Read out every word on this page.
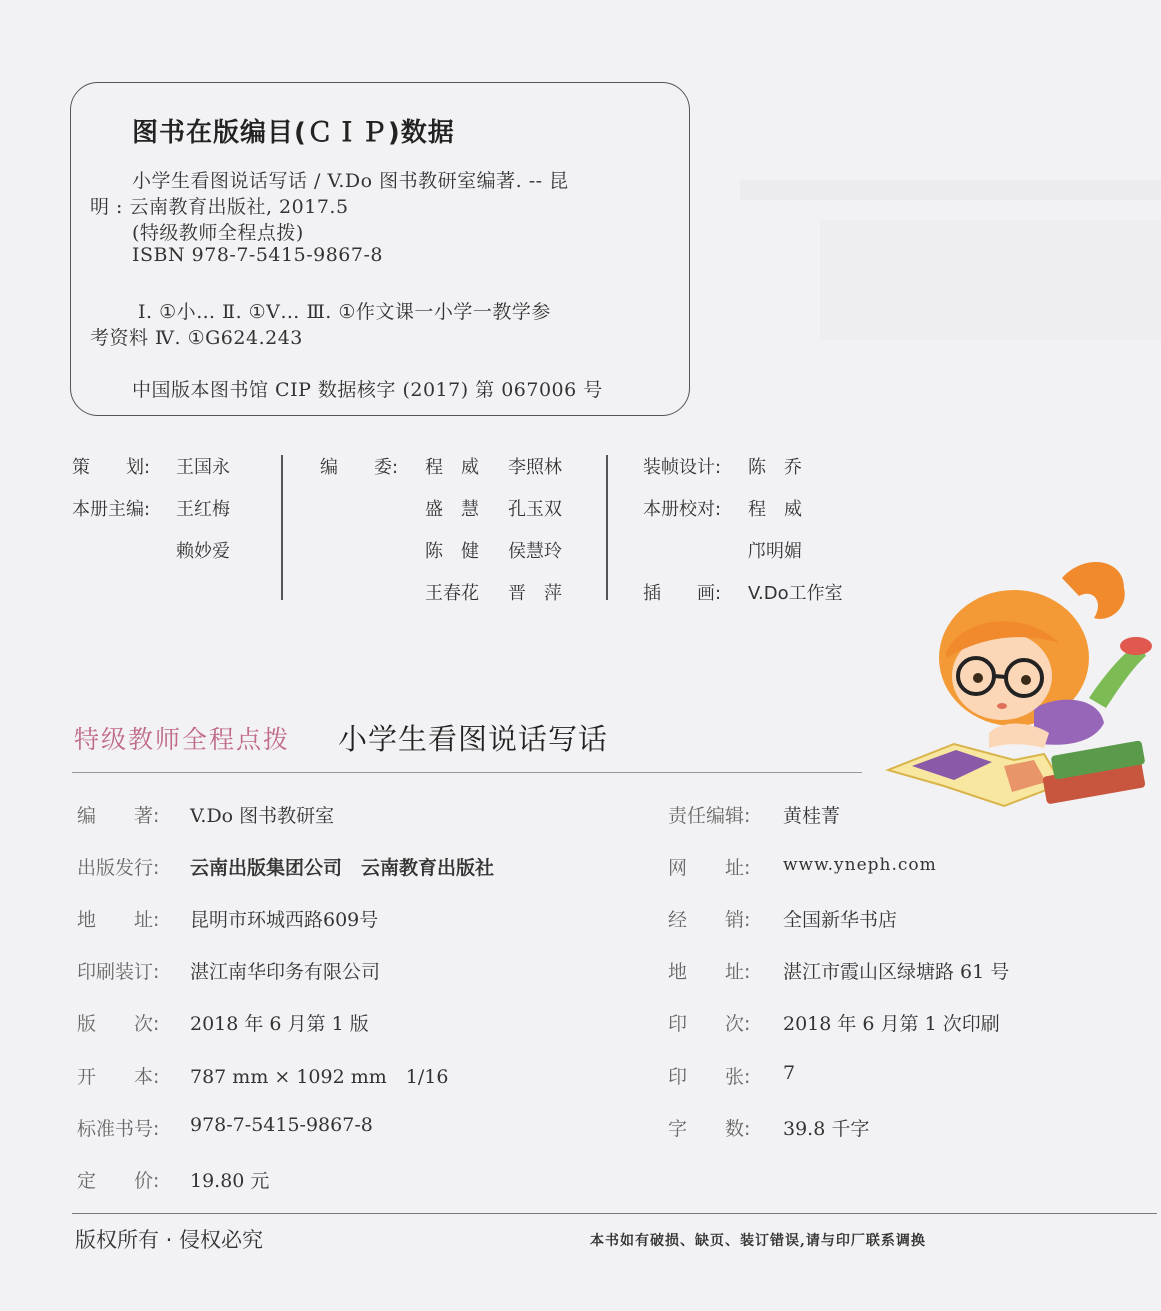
图书在版编目(ＣＩＰ)数据
小学生看图说话写话 / V.Do 图书教研室编著. -- 昆
明 : 云南教育出版社, 2017.5
(特级教师全程点拨)
ISBN 978-7-5415-9867-8
Ⅰ. ①小… Ⅱ. ①V… Ⅲ. ①作文课一小学一教学参
考资料 Ⅳ. ①G624.243
中国版本图书馆 CIP 数据核字 (2017) 第 067006 号
策　　划: 王国永
本册主编: 王红梅
赖妙爱
编　　委: 程　威 李照林
盛　慧 孔玉双
陈　健 侯慧玲
王春花 晋　萍
装帧设计: 陈　乔
本册校对: 程　威
邝明媚
插　　画: V.Do工作室
特级教师全程点拨 小学生看图说话写话
编　　著: V.Do 图书教研室
出版发行: 云南出版集团公司　云南教育出版社
地　　址: 昆明市环城西路609号
印刷装订: 湛江南华印务有限公司
版　　次: 2018 年 6 月第 1 版
开　　本: 787 mm × 1092 mm　1/16
标准书号: 978-7-5415-9867-8
定　　价: 19.80 元
责任编辑: 黄桂菁
网　　址: www.yneph.com
经　　销: 全国新华书店
地　　址: 湛江市霞山区绿塘路 61 号
印　　次: 2018 年 6 月第 1 次印刷
印　　张: 7
字　　数: 39.8 千字
版权所有 · 侵权必究	本书如有破损、缺页、装订错误,请与印厂联系调换
